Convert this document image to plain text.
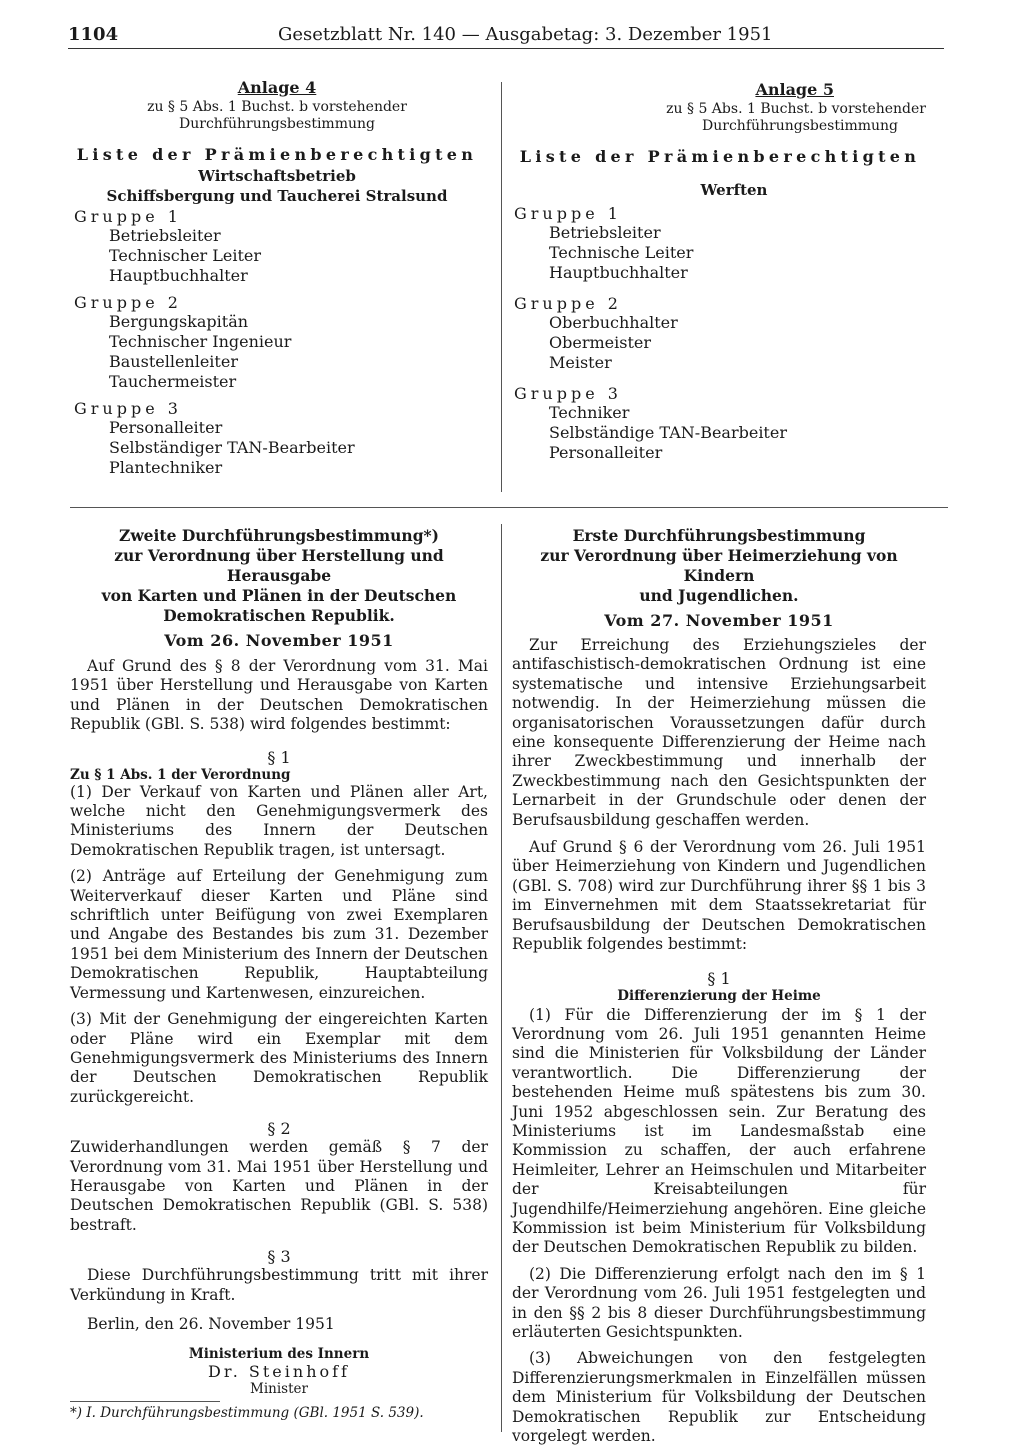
1104	Gesetzblatt Nr. 140 — Ausgabetag: 3. Dezember 1951
Anlage 4
zu § 5 Abs. 1 Buchst. b vorstehender
Durchführungsbestimmung
Liste der Prämienberechtigten
Wirtschaftsbetrieb
Schiffsbergung und Taucherei Stralsund

Gruppe 1

Betriebsleiter

Technischer Leiter

Hauptbuchhalter

Gruppe 2

Bergungskapitän

Technischer Ingenieur

Baustellenleiter

Tauchermeister

Gruppe 3

Personalleiter

Selbständiger TAN-Bearbeiter

Plantechniker

Anlage 5
zu § 5 Abs. 1 Buchst. b vorstehender
Durchführungsbestimmung
Liste der Prämienberechtigten
Werften

Gruppe 1

Betriebsleiter

Technische Leiter

Hauptbuchhalter

Gruppe 2

Oberbuchhalter

Obermeister

Meister

Gruppe 3

Techniker

Selbständige TAN-Bearbeiter

Personalleiter

Zweite Durchführungsbestimmung*)
zur Verordnung über Herstellung und Herausgabe
von Karten und Plänen in der Deutschen
Demokratischen Republik.
Vom 26. November 1951

Auf Grund des § 8 der Verordnung vom 31. Mai 1951 über Herstellung und Herausgabe von Karten und Plänen in der Deutschen Demokratischen Republik (GBl. S. 538) wird folgendes bestimmt:

§ 1
Zu § 1 Abs. 1 der Verordnung

(1) Der Verkauf von Karten und Plänen aller Art, welche nicht den Genehmigungsvermerk des Ministeriums des Innern der Deutschen Demokratischen Republik tragen, ist untersagt.

(2) Anträge auf Erteilung der Genehmigung zum Weiterverkauf dieser Karten und Pläne sind schriftlich unter Beifügung von zwei Exemplaren und Angabe des Bestandes bis zum 31. Dezember 1951 bei dem Ministerium des Innern der Deutschen Demokratischen Republik, Hauptabteilung Vermessung und Kartenwesen, einzureichen.

(3) Mit der Genehmigung der eingereichten Karten oder Pläne wird ein Exemplar mit dem Genehmigungsvermerk des Ministeriums des Innern der Deutschen Demokratischen Republik zurückgereicht.

§ 2

Zuwiderhandlungen werden gemäß § 7 der Verordnung vom 31. Mai 1951 über Herstellung und Herausgabe von Karten und Plänen in der Deutschen Demokratischen Republik (GBl. S. 538) bestraft.

§ 3

Diese Durchführungsbestimmung tritt mit ihrer Verkündung in Kraft.

Berlin, den 26. November 1951

Ministerium des Innern
Dr. Steinhoff
Minister
*) I. Durchführungsbestimmung (GBl. 1951 S. 539).
Erste Durchführungsbestimmung
zur Verordnung über Heimerziehung von Kindern
und Jugendlichen.
Vom 27. November 1951

Zur Erreichung des Erziehungszieles der antifaschistisch-demokratischen Ordnung ist eine systematische und intensive Erziehungsarbeit notwendig. In der Heimerziehung müssen die organisatorischen Voraussetzungen dafür durch eine konsequente Differenzierung der Heime nach ihrer Zweckbestimmung und innerhalb der Zweckbestimmung nach den Gesichtspunkten der Lernarbeit in der Grundschule oder denen der Berufsausbildung geschaffen werden.

Auf Grund § 6 der Verordnung vom 26. Juli 1951 über Heimerziehung von Kindern und Jugendlichen (GBl. S. 708) wird zur Durchführung ihrer §§ 1 bis 3 im Einvernehmen mit dem Staatssekretariat für Berufsausbildung der Deutschen Demokratischen Republik folgendes bestimmt:

§ 1
Differenzierung der Heime

(1) Für die Differenzierung der im § 1 der Verordnung vom 26. Juli 1951 genannten Heime sind die Ministerien für Volksbildung der Länder verantwortlich. Die Differenzierung der bestehenden Heime muß spätestens bis zum 30. Juni 1952 abgeschlossen sein. Zur Beratung des Ministeriums ist im Landesmaßstab eine Kommission zu schaffen, der auch erfahrene Heimleiter, Lehrer an Heimschulen und Mitarbeiter der Kreisabteilungen für Jugendhilfe/Heimerziehung angehören. Eine gleiche Kommission ist beim Ministerium für Volksbildung der Deutschen Demokratischen Republik zu bilden.

(2) Die Differenzierung erfolgt nach den im § 1 der Verordnung vom 26. Juli 1951 festgelegten und in den §§ 2 bis 8 dieser Durchführungsbestimmung erläuterten Gesichtspunkten.

(3) Abweichungen von den festgelegten Differenzierungsmerkmalen in Einzelfällen müssen dem Ministerium für Volksbildung der Deutschen Demokratischen Republik zur Entscheidung vorgelegt werden.
